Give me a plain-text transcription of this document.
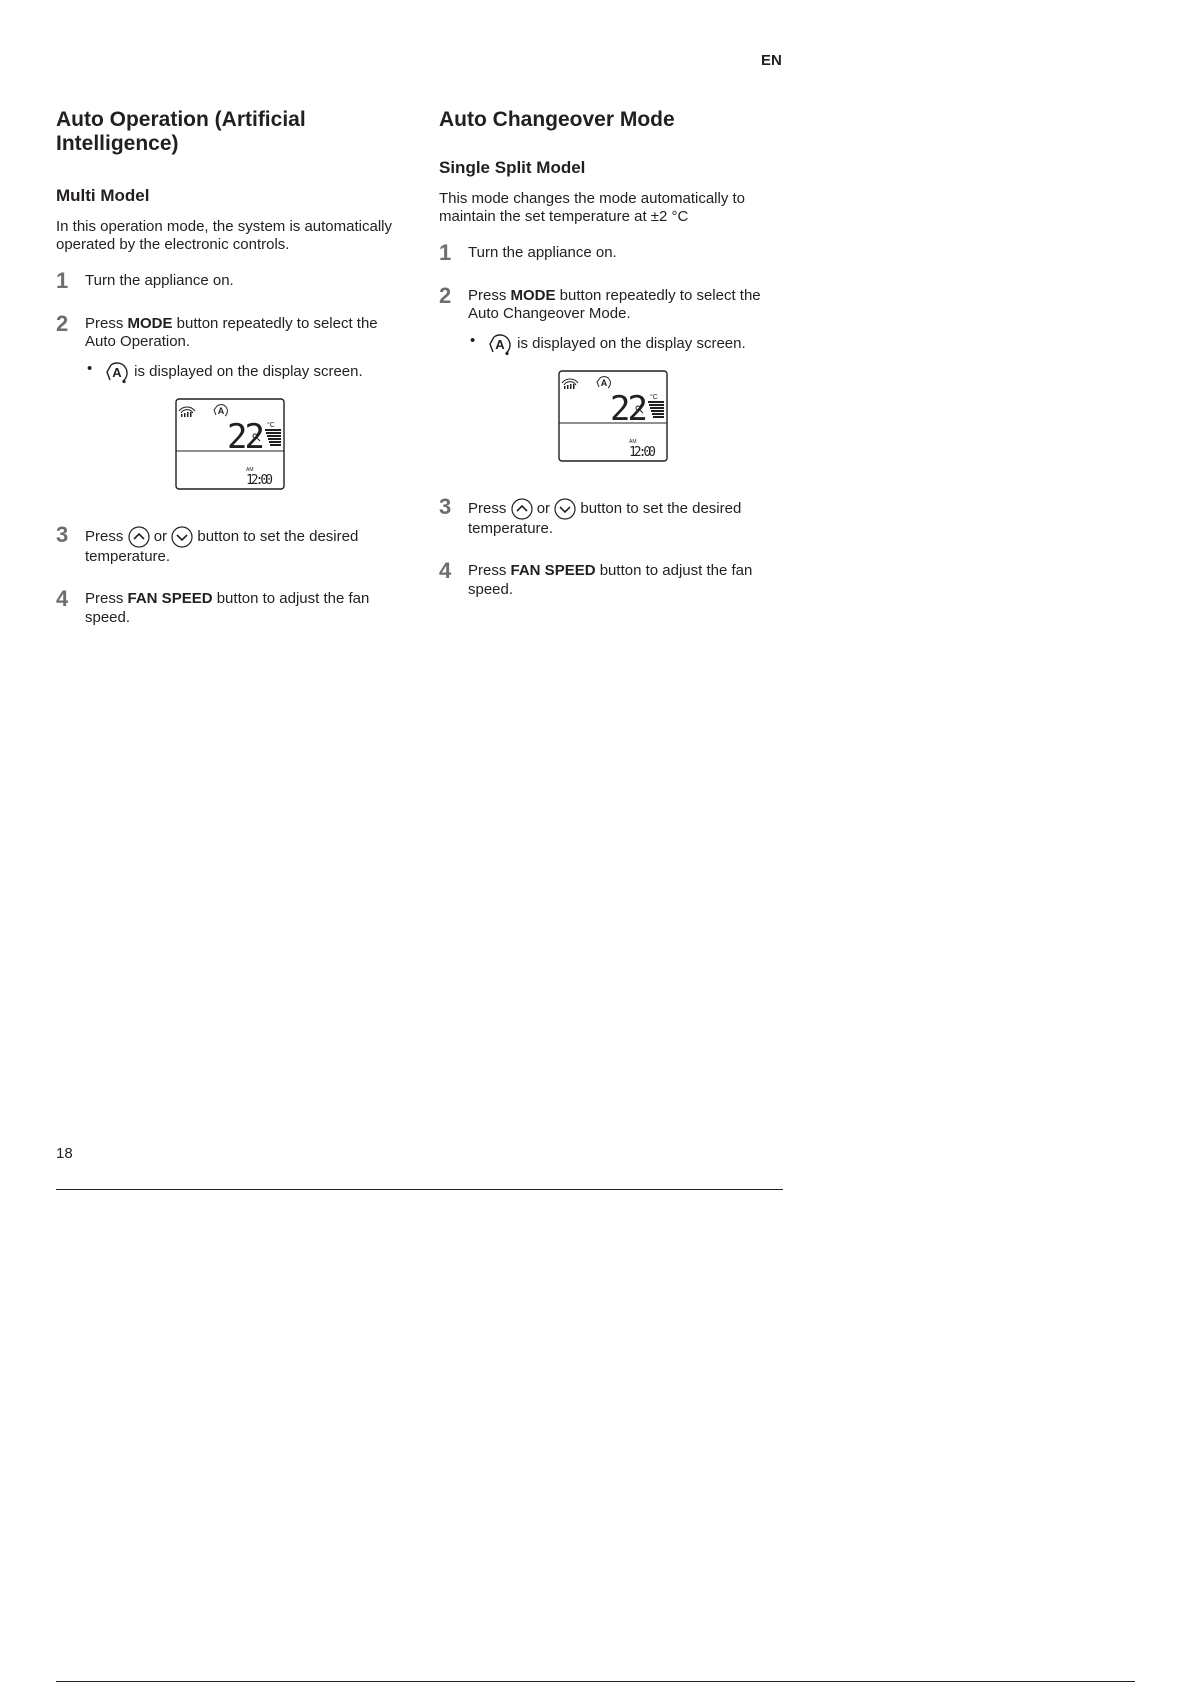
EN
Auto Operation (Artificial Intelligence)
Multi Model

In this operation mode, the system is automatically operated by the electronic controls.

1 Turn the appliance on.
2 Press MODE button repeatedly to select the Auto Operation.
• A is displayed on the display screen.
A
22 °C
AM
12:00
3 Press  or button to set the desired temperature.
4 Press FAN SPEED button to adjust the fan speed.
Auto Changeover Mode
Single Split Model

This mode changes the mode automatically to maintain the set temperature at ±2 °C

1 Turn the appliance on.
2 Press MODE button repeatedly to select the Auto Changeover Mode.
• A is displayed on the display screen.
A
22 °C
AM
12:00
3 Press  or button to set the desired temperature.
4 Press FAN SPEED button to adjust the fan speed.
18
